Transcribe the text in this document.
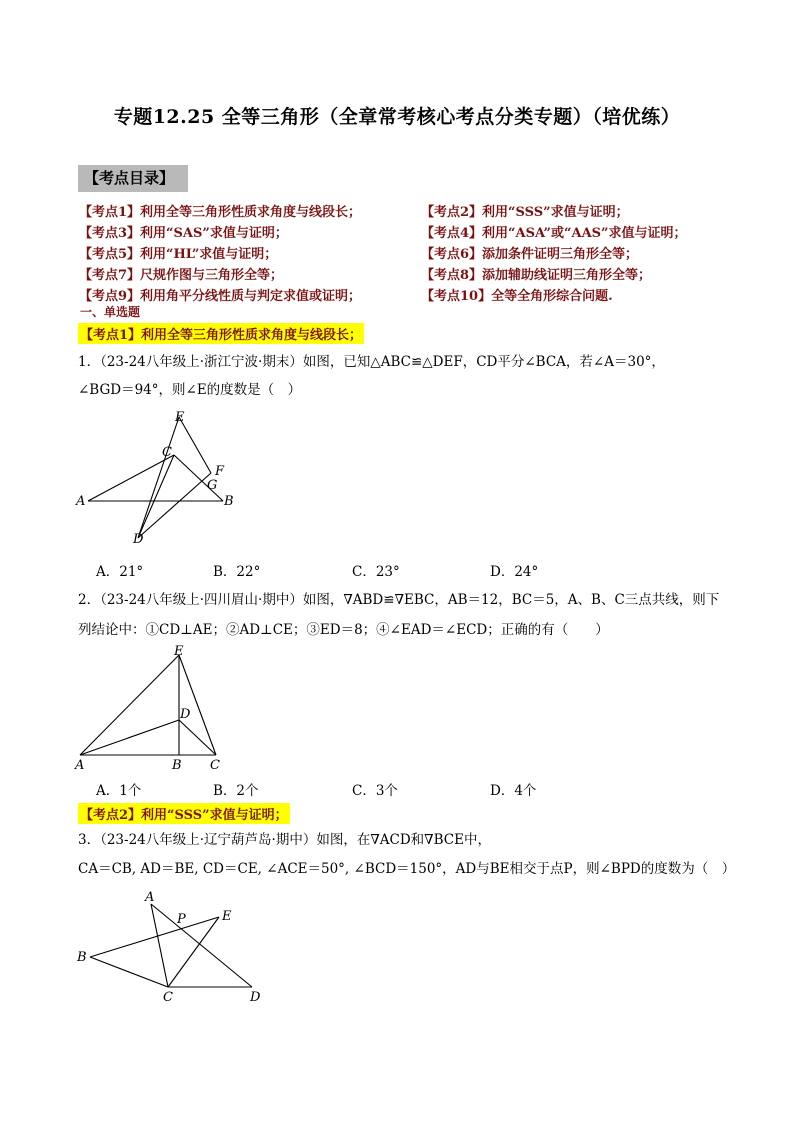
专题12.25 全等三角形（全章常考核心考点分类专题）（培优练）
【考点目录】
【考点1】利用全等三角形性质求角度与线段长；	【考点2】利用“SSS”求值与证明；
【考点3】利用“SAS”求值与证明；	【考点4】利用“ASA”或“AAS”求值与证明；
【考点5】利用“HL”求值与证明；	【考点6】添加条件证明三角形全等；
【考点7】尺规作图与三角形全等；	【考点8】添加辅助线证明三角形全等；
【考点9】利用角平分线性质与判定求值或证明；	【考点10】全等全角形综合问题.
一、单选题
【考点1】利用全等三角形性质求角度与线段长；
1．（23-24八年级上·浙江宁波·期末）如图，已知△ABC≌△DEF，CD平分∠BCA，若∠A＝30°，
∠BGD＝94°，则∠E的度数是（　）
E
C
F
G
A	B
D
A．21°	B．22°	C．23°	D．24°
2．（23-24八年级上·四川眉山·期中）如图，∇ABD≌∇EBC，AB＝12，BC＝5，A、B、C三点共线，则下
列结论中：①CD⊥AE；②AD⊥CE；③ED＝8；④∠EAD＝∠ECD；正确的有（　　）
E
D
A	B C
A．1个	B．2个	C．3个	D．4个
【考点2】利用“SSS”求值与证明；
3．（23-24八年级上·辽宁葫芦岛·期中）如图，在∇ACD和∇BCE中，
CA＝CB, AD＝BE, CD＝CE, ∠ACE＝50°, ∠BCD＝150°，AD与BE相交于点P，则∠BPD的度数为（　）
A
P	E
B
C	D
